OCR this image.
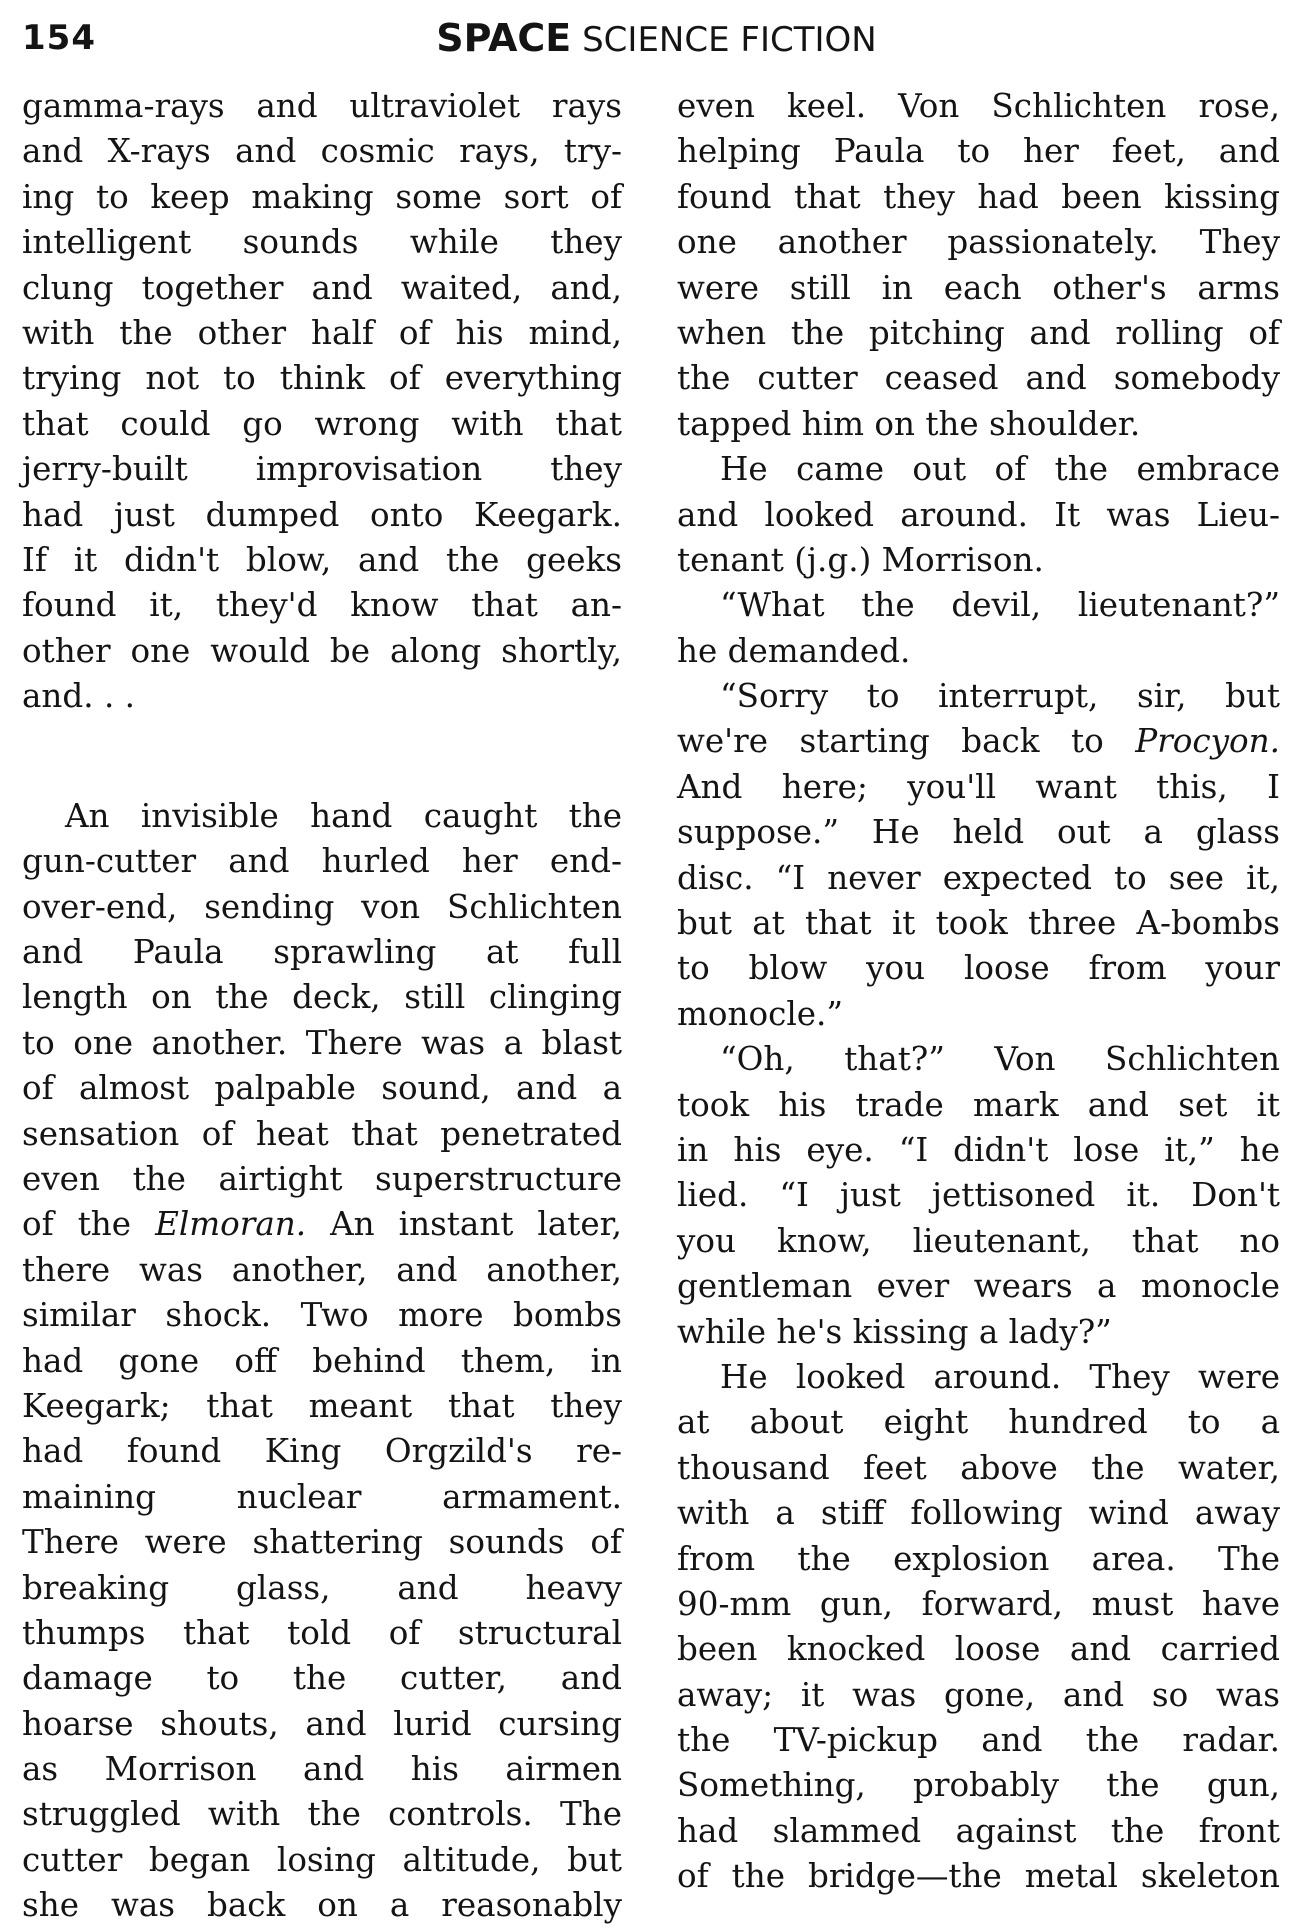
154	SPACE SCIENCE FICTION
gamma-rays and ultraviolet rays
and X-rays and cosmic rays, try-
ing to keep making some sort of
intelligent sounds while they
clung together and waited, and,
with the other half of his mind,
trying not to think of everything
that could go wrong with that
jerry-built improvisation they
had just dumped onto Keegark.
If it didn't blow, and the geeks
found it, they'd know that an-
other one would be along shortly,
and. . .
An invisible hand caught the
gun-cutter and hurled her end-
over-end, sending von Schlichten
and Paula sprawling at full
length on the deck, still clinging
to one another. There was a blast
of almost palpable sound, and a
sensation of heat that penetrated
even the airtight superstructure
of the Elmoran. An instant later,
there was another, and another,
similar shock. Two more bombs
had gone off behind them, in
Keegark; that meant that they
had found King Orgzild's re-
maining nuclear armament.
There were shattering sounds of
breaking glass, and heavy
thumps that told of structural
damage to the cutter, and
hoarse shouts, and lurid cursing
as Morrison and his airmen
struggled with the controls. The
cutter began losing altitude, but
she was back on a reasonably
even keel. Von Schlichten rose,
helping Paula to her feet, and
found that they had been kissing
one another passionately. They
were still in each other's arms
when the pitching and rolling of
the cutter ceased and somebody
tapped him on the shoulder.
He came out of the embrace
and looked around. It was Lieu-
tenant (j.g.) Morrison.
“What the devil, lieutenant?”
he demanded.
“Sorry to interrupt, sir, but
we're starting back to Procyon.
And here; you'll want this, I
suppose.” He held out a glass
disc. “I never expected to see it,
but at that it took three A-bombs
to blow you loose from your
monocle.”
“Oh, that?” Von Schlichten
took his trade mark and set it
in his eye. “I didn't lose it,” he
lied. “I just jettisoned it. Don't
you know, lieutenant, that no
gentleman ever wears a monocle
while he's kissing a lady?”
He looked around. They were
at about eight hundred to a
thousand feet above the water,
with a stiff following wind away
from the explosion area. The
90-mm gun, forward, must have
been knocked loose and carried
away; it was gone, and so was
the TV-pickup and the radar.
Something, probably the gun,
had slammed against the front
of the bridge—the metal skeleton
